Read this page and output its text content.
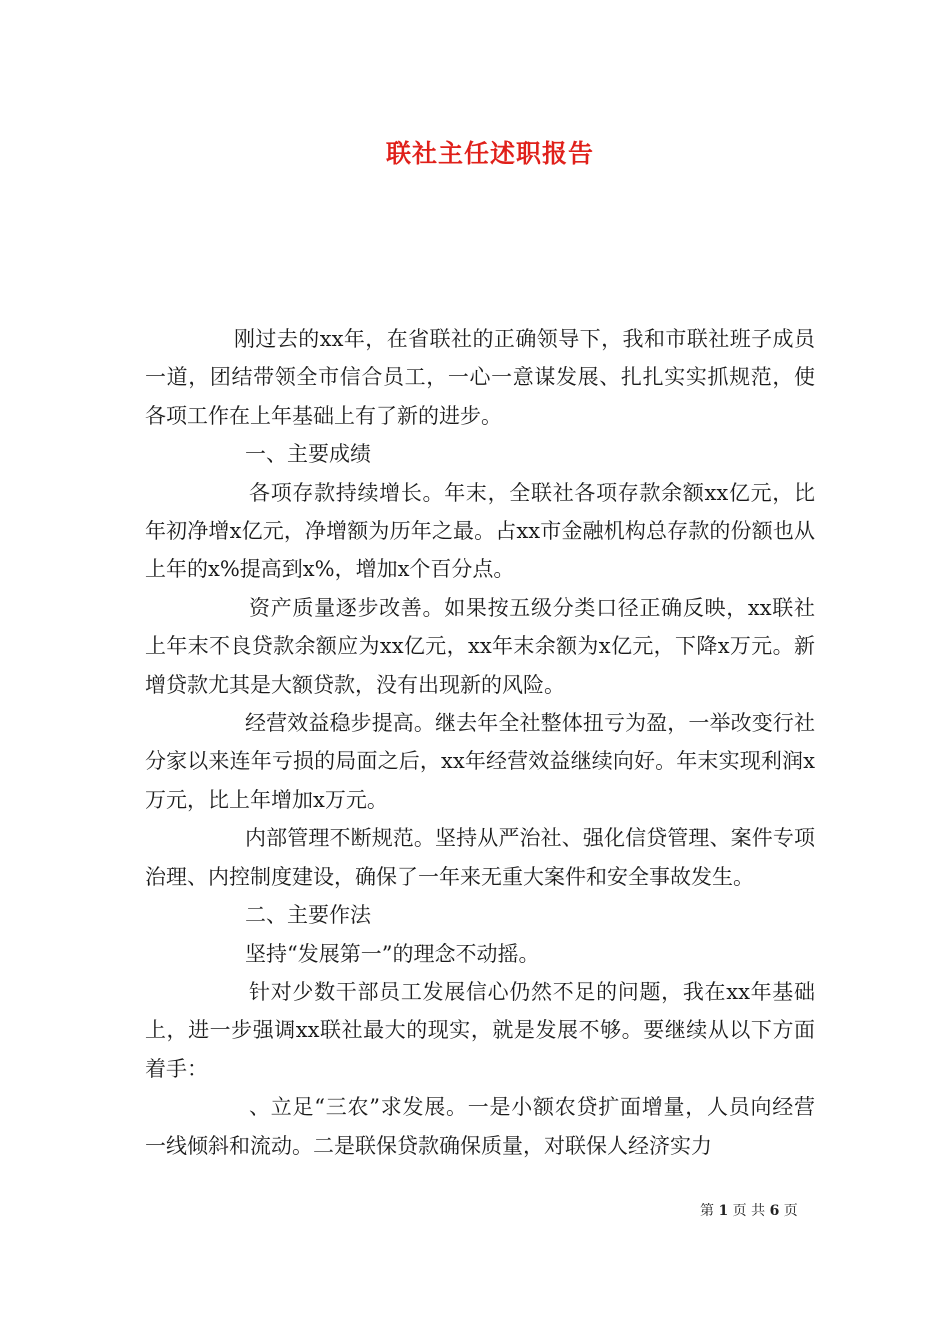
联社主任述职报告

刚过去的xx年，在省联社的正确领导下，我和市联社班子成员一道，团结带领全市信合员工，一心一意谋发展、扎扎实实抓规范，使各项工作在上年基础上有了新的进步。

一、主要成绩

各项存款持续增长。年末，全联社各项存款余额xx亿元，比年初净增x亿元，净增额为历年之最。占xx市金融机构总存款的份额也从上年的x%提高到x%，增加x个百分点。

资产质量逐步改善。如果按五级分类口径正确反映，xx联社上年末不良贷款余额应为xx亿元，xx年末余额为x亿元，下降x万元。新增贷款尤其是大额贷款，没有出现新的风险。

经营效益稳步提高。继去年全社整体扭亏为盈，一举改变行社分家以来连年亏损的局面之后，xx年经营效益继续向好。年末实现利润x万元，比上年增加x万元。

内部管理不断规范。坚持从严治社、强化信贷管理、案件专项治理、内控制度建设，确保了一年来无重大案件和安全事故发生。

二、主要作法

坚持“发展第一”的理念不动摇。

针对少数干部员工发展信心仍然不足的问题，我在xx年基础上，进一步强调xx联社最大的现实，就是发展不够。要继续从以下方面着手：

、立足“三农”求发展。一是小额农贷扩面增量，人员向经营一线倾斜和流动。二是联保贷款确保质量，对联保人经济实力

第 1 页 共 6 页
